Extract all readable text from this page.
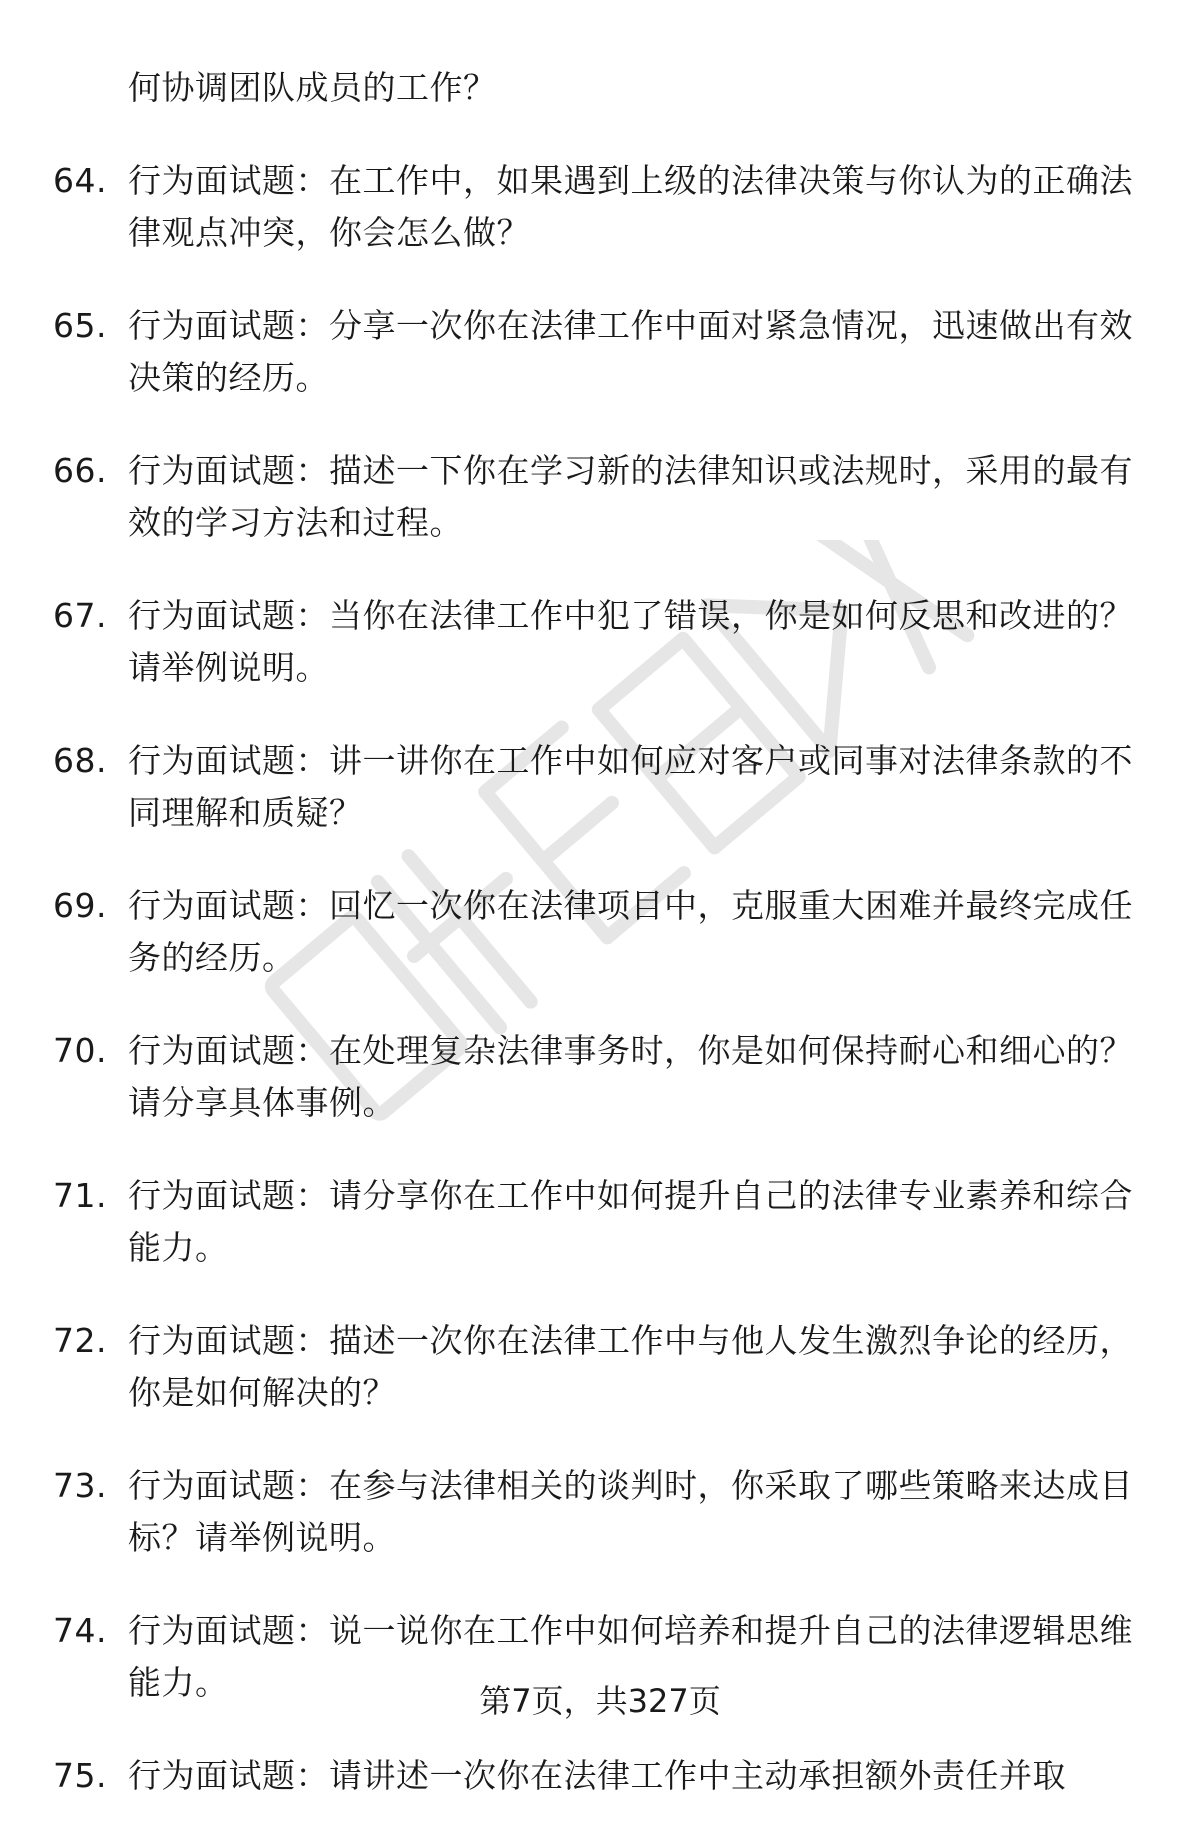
何协调团队成员的工作？
64. 行为面试题：在工作中，如果遇到上级的法律决策与你认为的正确法律观点冲突，你会怎么做？
65. 行为面试题：分享一次你在法律工作中面对紧急情况，迅速做出有效决策的经历。
66. 行为面试题：描述一下你在学习新的法律知识或法规时，采用的最有效的学习方法和过程。
67. 行为面试题：当你在法律工作中犯了错误，你是如何反思和改进的？请举例说明。
68. 行为面试题：讲一讲你在工作中如何应对客户或同事对法律条款的不同理解和质疑？
69. 行为面试题：回忆一次你在法律项目中，克服重大困难并最终完成任务的经历。
70. 行为面试题：在处理复杂法律事务时，你是如何保持耐心和细心的？请分享具体事例。
71. 行为面试题：请分享你在工作中如何提升自己的法律专业素养和综合能力。
72. 行为面试题：描述一次你在法律工作中与他人发生激烈争论的经历，你是如何解决的？
73. 行为面试题：在参与法律相关的谈判时，你采取了哪些策略来达成目标？请举例说明。
74. 行为面试题：说一说你在工作中如何培养和提升自己的法律逻辑思维能力。
75. 行为面试题：请讲述一次你在法律工作中主动承担额外责任并取
第7页，共327页
